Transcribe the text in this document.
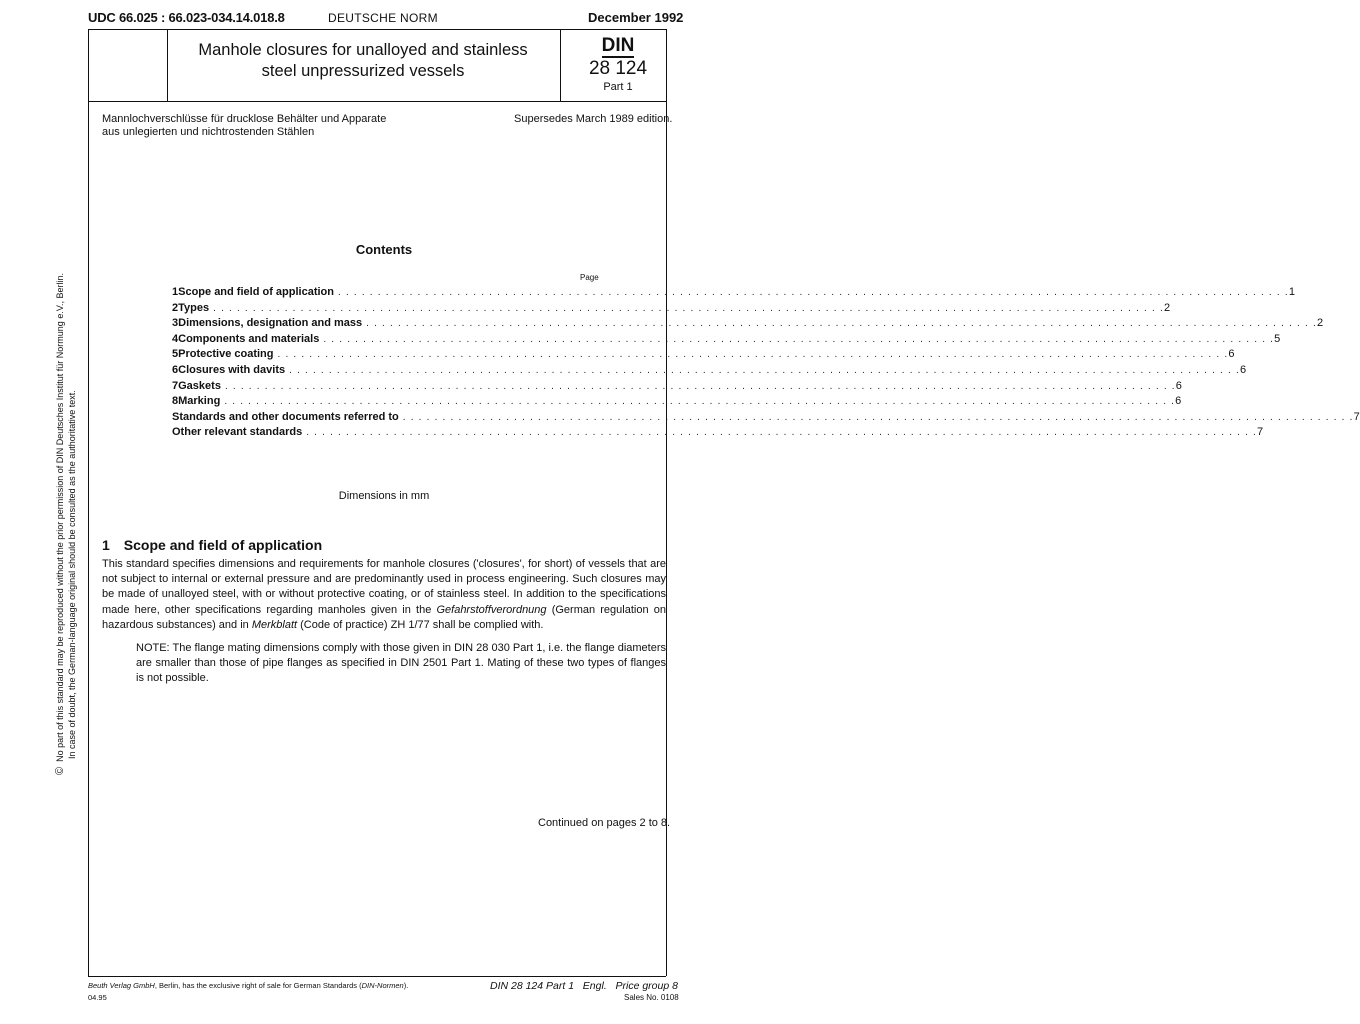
UDC 66.025 : 66.023-034.14.018.8	DEUTSCHE NORM	December 1992
Manhole closures for unalloyed and stainless
steel unpressurized vessels
DIN
28 124
Part 1
Mannlochverschlüsse für drucklose Behälter und Apparate
aus unlegierten und nichtrostenden Stählen
Supersedes March 1989 edition.
©No part of this standard may be reproduced without the prior permission of DIN Deutsches Institut für Normung e.V., Berlin. In case of doubt, the German-language original should be consulted as the authoritative text.
Contents
Page
1 Scope and field of application . . . . . . . . . . . . . . . . . . . . . . . . . . . . . . . . . . . . . . . . . . . . . . . . . . . . . . . . . . . . . . . . . . . . . . . . . . . . . . . . . . . . . . . . . . . . . . . . . . . . . . . . . . . . . . . . . . . . . . . . 1
2 Types . . . . . . . . . . . . . . . . . . . . . . . . . . . . . . . . . . . . . . . . . . . . . . . . . . . . . . . . . . . . . . . . . . . . . . . . . . . . . . . . . . . . . . . . . . . . . . . . . . . . . . . . . . . . . . . . . . . . . . . . 2
3 Dimensions, designation and mass . . . . . . . . . . . . . . . . . . . . . . . . . . . . . . . . . . . . . . . . . . . . . . . . . . . . . . . . . . . . . . . . . . . . . . . . . . . . . . . . . . . . . . . . . . . . . . . . . . . . . . . . . . . . . . . . . . . . . . . . 2
4 Components and materials . . . . . . . . . . . . . . . . . . . . . . . . . . . . . . . . . . . . . . . . . . . . . . . . . . . . . . . . . . . . . . . . . . . . . . . . . . . . . . . . . . . . . . . . . . . . . . . . . . . . . . . . . . . . . . . . . . . . . . . . 5
5 Protective coating . . . . . . . . . . . . . . . . . . . . . . . . . . . . . . . . . . . . . . . . . . . . . . . . . . . . . . . . . . . . . . . . . . . . . . . . . . . . . . . . . . . . . . . . . . . . . . . . . . . . . . . . . . . . . . . . . . . . . . . . 6
6 Closures with davits . . . . . . . . . . . . . . . . . . . . . . . . . . . . . . . . . . . . . . . . . . . . . . . . . . . . . . . . . . . . . . . . . . . . . . . . . . . . . . . . . . . . . . . . . . . . . . . . . . . . . . . . . . . . . . . . . . . . . . . . 6
7 Gaskets . . . . . . . . . . . . . . . . . . . . . . . . . . . . . . . . . . . . . . . . . . . . . . . . . . . . . . . . . . . . . . . . . . . . . . . . . . . . . . . . . . . . . . . . . . . . . . . . . . . . . . . . . . . . . . . . . . . . . . . . 6
8 Marking . . . . . . . . . . . . . . . . . . . . . . . . . . . . . . . . . . . . . . . . . . . . . . . . . . . . . . . . . . . . . . . . . . . . . . . . . . . . . . . . . . . . . . . . . . . . . . . . . . . . . . . . . . . . . . . . . . . . . . . . 6
Standards and other documents referred to . . . . . . . . . . . . . . . . . . . . . . . . . . . . . . . . . . . . . . . . . . . . . . . . . . . . . . . . . . . . . . . . . . . . . . . . . . . . . . . . . . . . . . . . . . . . . . . . . . . . . . . . . . . . . . . . . . . . . . . . 7
Other relevant standards . . . . . . . . . . . . . . . . . . . . . . . . . . . . . . . . . . . . . . . . . . . . . . . . . . . . . . . . . . . . . . . . . . . . . . . . . . . . . . . . . . . . . . . . . . . . . . . . . . . . . . . . . . . . . . . . . . . . . . . . 7
Dimensions in mm
1 Scope and field of application
This standard specifies dimensions and requirements for manhole closures ('closures', for short) of vessels that are not subject to internal or external pressure and are predominantly used in process engineering. Such closures may be made of unalloyed steel, with or without protective coating, or of stainless steel. In addition to the specifications made here, other specifications regarding manholes given in the Gefahrstoffverordnung (German regulation on hazardous substances) and in Merkblatt (Code of practice) ZH 1/77 shall be complied with.
NOTE: The flange mating dimensions comply with those given in DIN 28 030 Part 1, i.e. the flange diameters are smaller than those of pipe flanges as specified in DIN 2501 Part 1. Mating of these two types of flanges is not possible.
Continued on pages 2 to 8.
Beuth Verlag GmbH, Berlin, has the exclusive right of sale for German Standards (DIN-Normen).
04.95
DIN 28 124 Part 1   Engl.   Price group 8
Sales No. 0108
